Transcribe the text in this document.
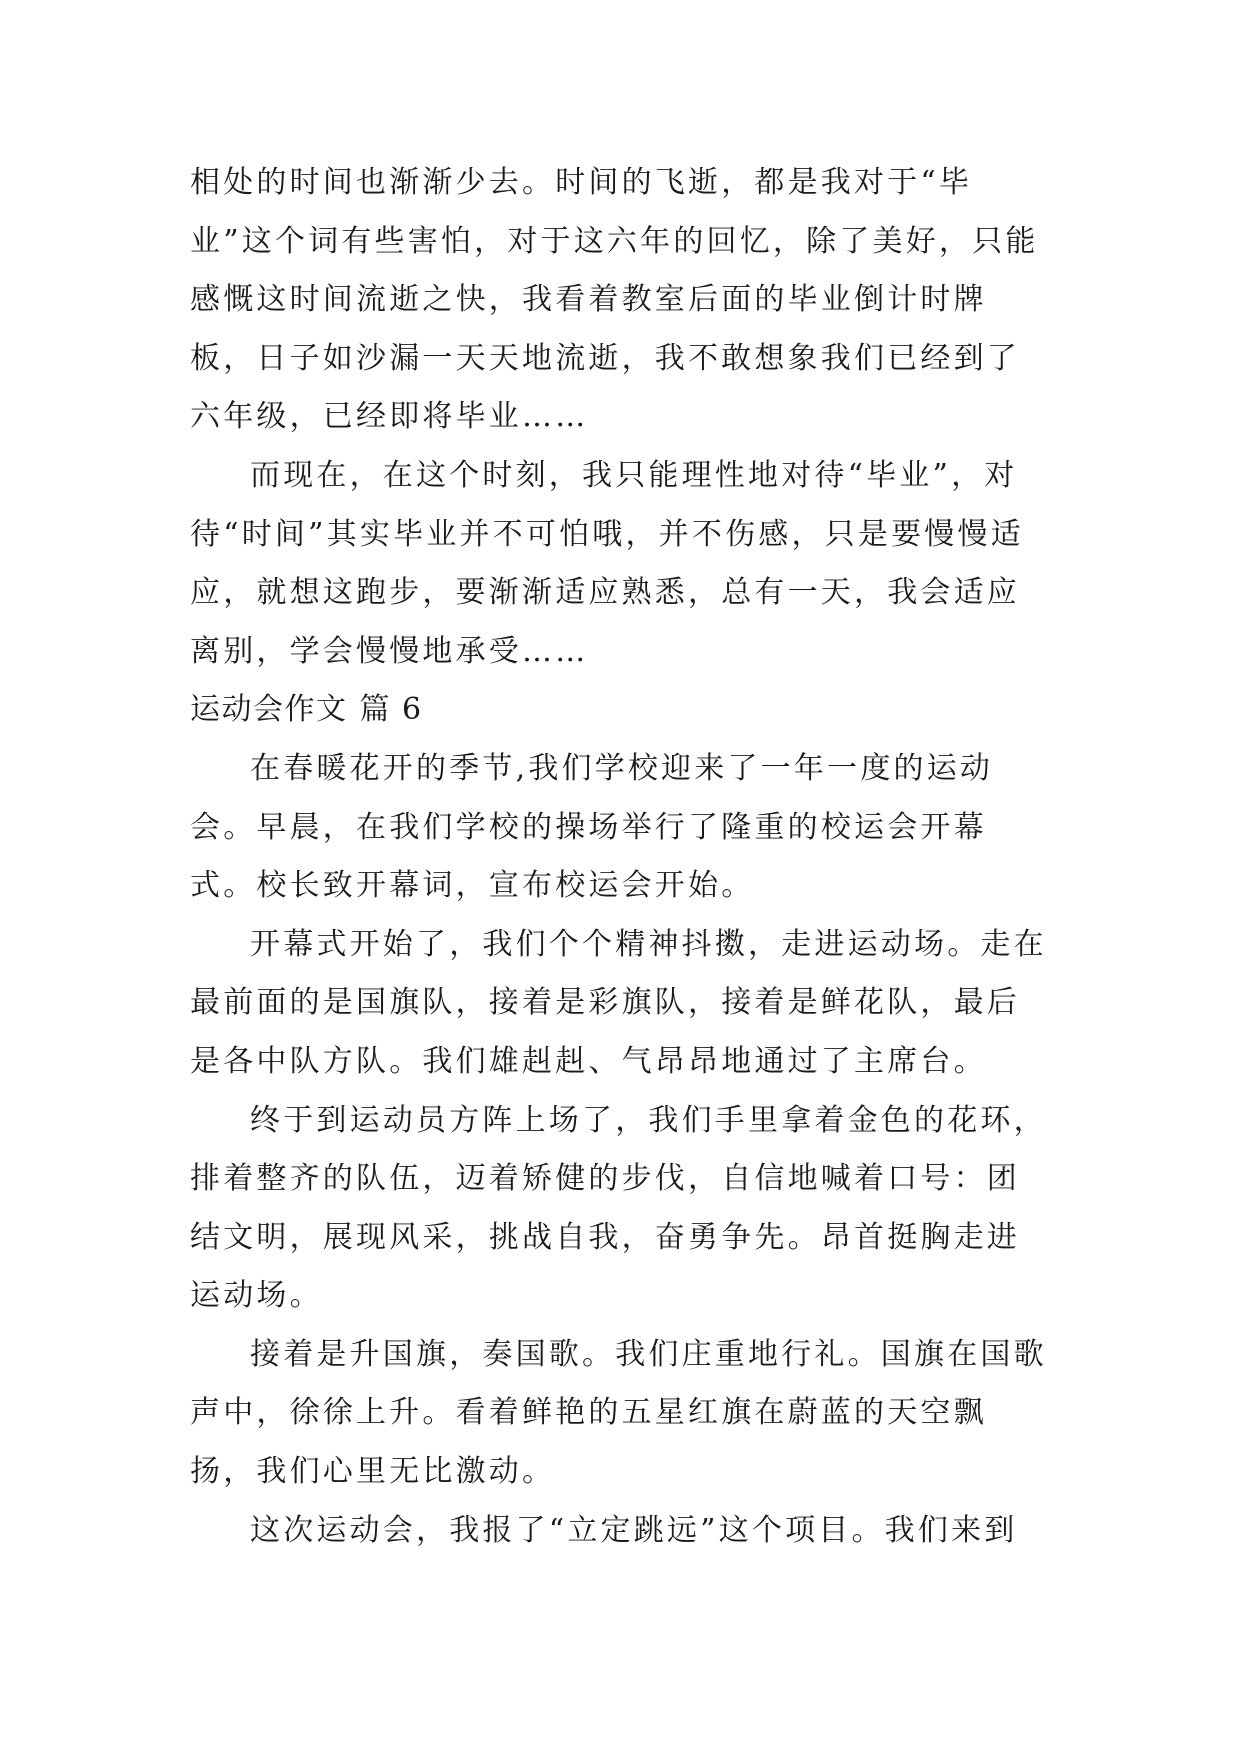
相处的时间也渐渐少去。时间的飞逝，都是我对于“毕业”这个词有些害怕，对于这六年的回忆，除了美好，只能感慨这时间流逝之快，我看着教室后面的毕业倒计时牌板，日子如沙漏一天天地流逝，我不敢想象我们已经到了六年级，已经即将毕业……

而现在，在这个时刻，我只能理性地对待“毕业”，对待“时间”其实毕业并不可怕哦，并不伤感，只是要慢慢适应，就想这跑步，要渐渐适应熟悉，总有一天，我会适应离别，学会慢慢地承受……

运动会作文 篇 6

在春暖花开的季节,我们学校迎来了一年一度的运动会。早晨，在我们学校的操场举行了隆重的校运会开幕式。校长致开幕词，宣布校运会开始。

开幕式开始了，我们个个精神抖擞，走进运动场。走在最前面的是国旗队，接着是彩旗队，接着是鲜花队，最后是各中队方队。我们雄赳赳、气昂昂地通过了主席台。

终于到运动员方阵上场了，我们手里拿着金色的花环，排着整齐的队伍，迈着矫健的步伐，自信地喊着口号：团结文明，展现风采，挑战自我，奋勇争先。昂首挺胸走进运动场。

接着是升国旗，奏国歌。我们庄重地行礼。国旗在国歌声中，徐徐上升。看着鲜艳的五星红旗在蔚蓝的天空飘扬，我们心里无比激动。

这次运动会，我报了“立定跳远”这个项目。我们来到
